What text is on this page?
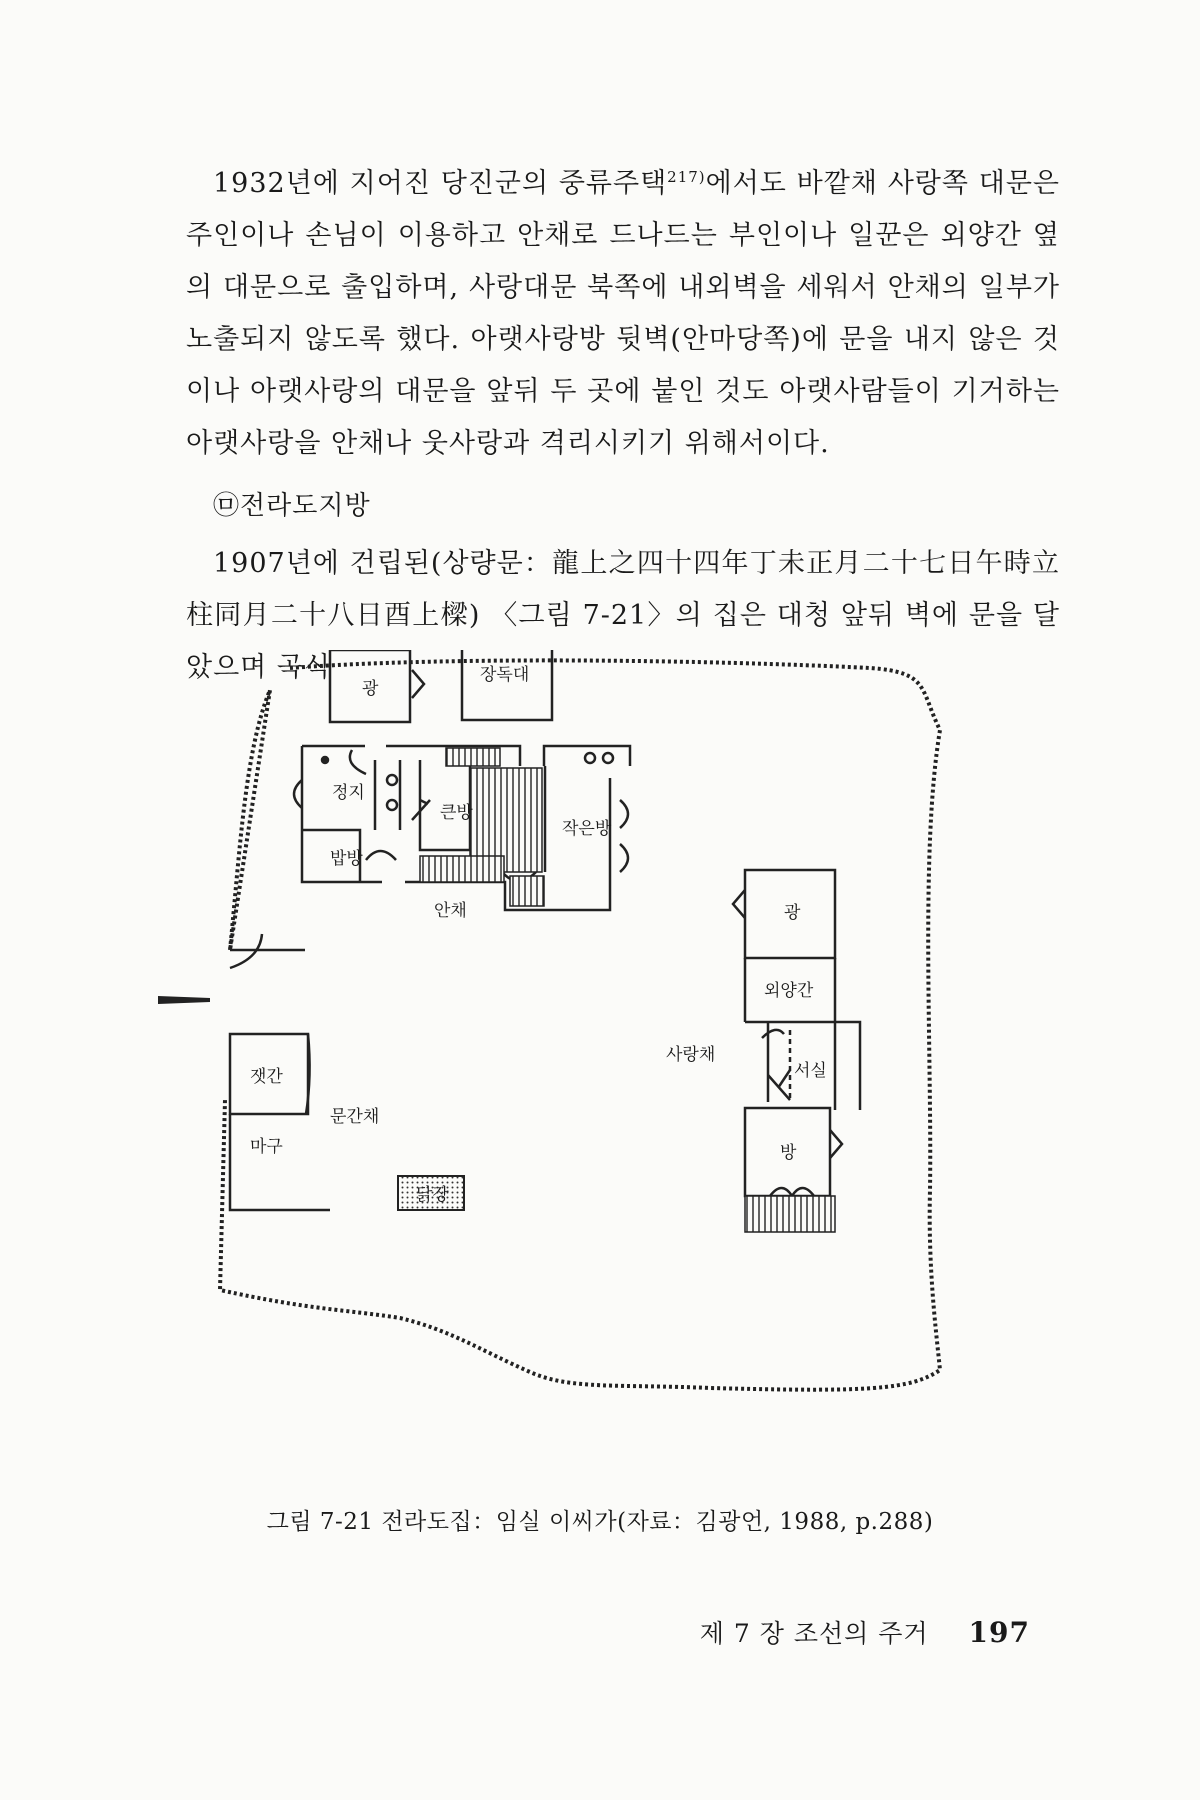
1932년에 지어진 당진군의 중류주택$^{217)}$에서도 바깥채 사랑쪽 대문은 주인이나 손님이 이용하고 안채로 드나드는 부인이나 일꾼은 외양간 옆의 대문으로 출입하며, 사랑대문 북쪽에 내외벽을 세워서 안채의 일부가 노출되지 않도록 했다. 아랫사랑방 뒷벽(안마당쪽)에 문을 내지 않은 것이나 아랫사랑의 대문을 앞뒤 두 곳에 붙인 것도 아랫사람들이 기거하는 아랫사랑을 안채나 웃사랑과 격리시키기 위해서이다.
㉤전라도지방
1907년에 건립된(상량문：龍上之四十四年丁未正月二十七日午時立柱同月二十八日酉上樑) 〈그림 7-21〉의 집은 대청 앞뒤 벽에 문을 달았으며 곡식
광
장독대
정지
큰방
작은방
밥방
안채	광
외양간
사랑채
서실
방
잿간
문간채
마구
닭장
그림 7-21 전라도집：임실 이씨가(자료：김광언, 1988, p.288)
제 7 장 조선의 주거 197
